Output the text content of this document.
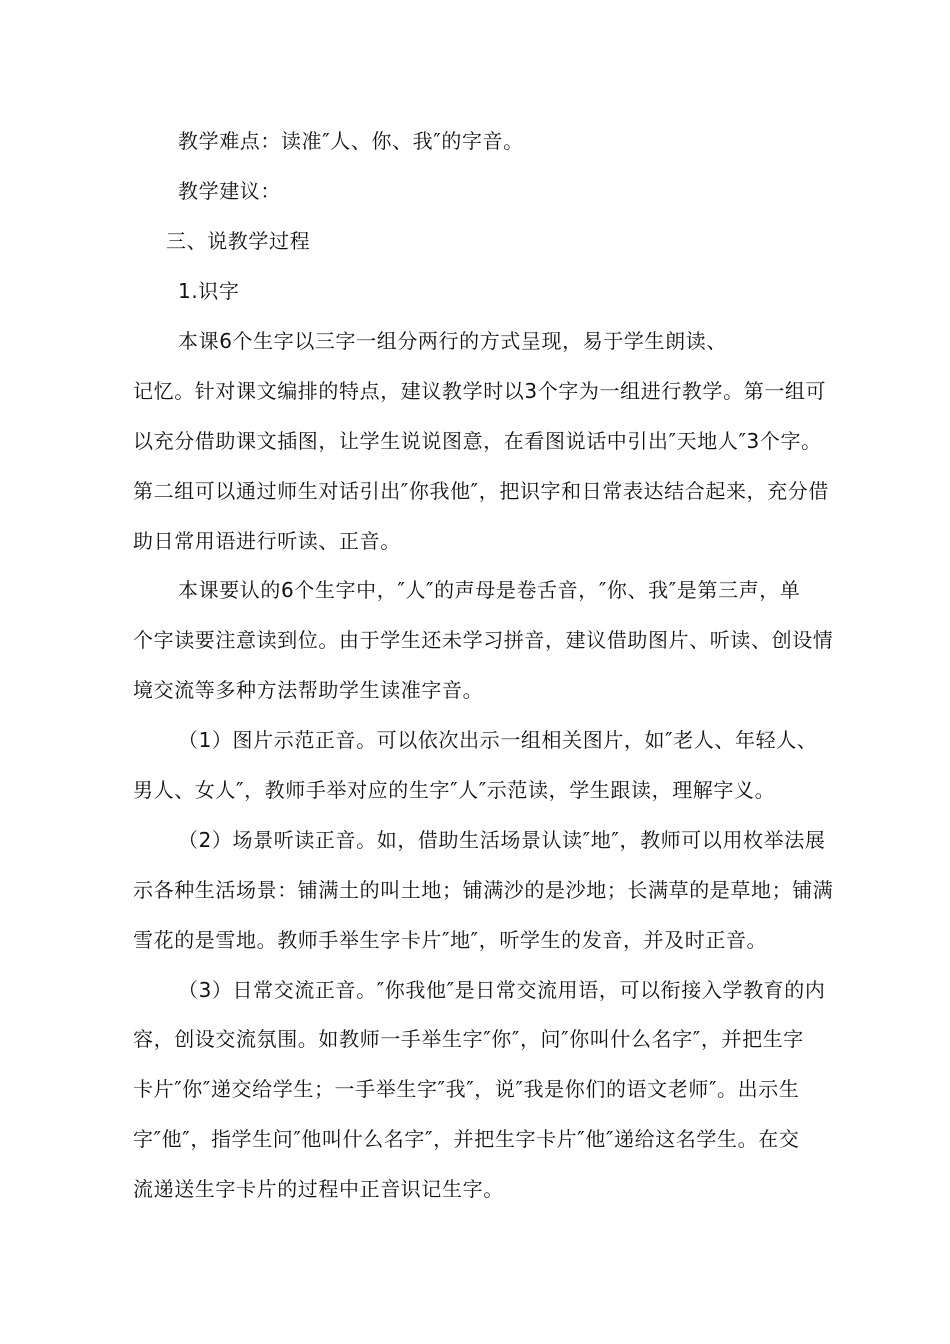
教学难点：读准″人、你、我″的字音。
教学建议：
三、说教学过程
1.识字
本课6个生字以三字一组分两行的方式呈现，易于学生朗读、
记忆。针对课文编排的特点，建议教学时以3个字为一组进行教学。第一组可
以充分借助课文插图，让学生说说图意，在看图说话中引出″天地人″3个字。
第二组可以通过师生对话引出″你我他″，把识字和日常表达结合起来，充分借
助日常用语进行听读、正音。
本课要认的6个生字中，″人″的声母是卷舌音，″你、我″是第三声，单
个字读要注意读到位。由于学生还未学习拼音，建议借助图片、听读、创设情
境交流等多种方法帮助学生读准字音。
（1）图片示范正音。可以依次出示一组相关图片，如″老人、年轻人、
男人、女人″，教师手举对应的生字″人″示范读，学生跟读，理解字义。
（2）场景听读正音。如，借助生活场景认读″地″，教师可以用枚举法展
示各种生活场景：铺满土的叫土地；铺满沙的是沙地；长满草的是草地；铺满
雪花的是雪地。教师手举生字卡片″地″，听学生的发音，并及时正音。
（3）日常交流正音。″你我他″是日常交流用语，可以衔接入学教育的内
容，创设交流氛围。如教师一手举生字″你″，问″你叫什么名字″，并把生字
卡片″你″递交给学生；一手举生字″我″，说″我是你们的语文老师″。出示生
字″他″，指学生问″他叫什么名字″，并把生字卡片″他″递给这名学生。在交
流递送生字卡片的过程中正音识记生字。
